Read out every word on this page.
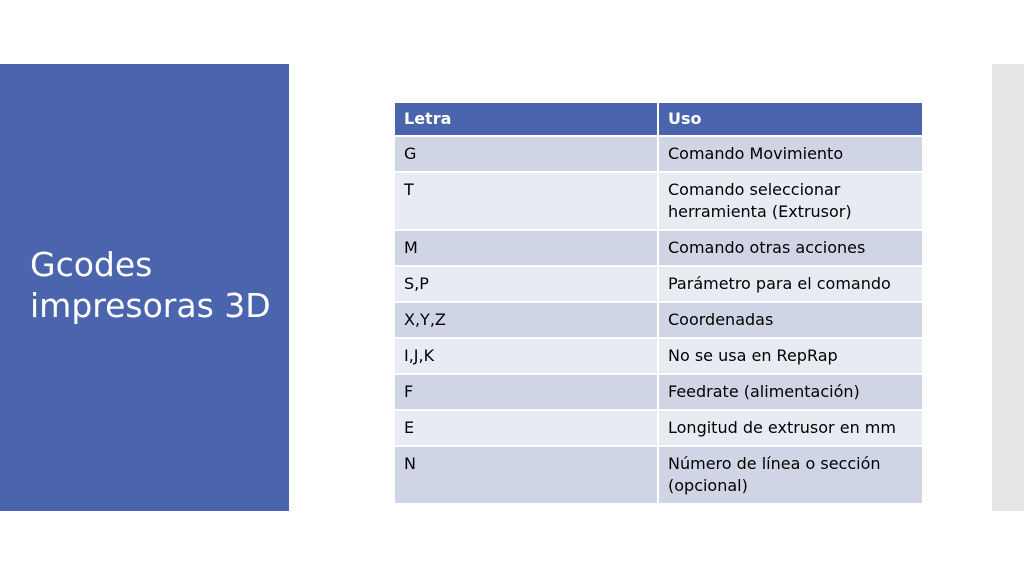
Gcodes
impresoras 3D
Letra	Uso
G	Comando Movimiento
T	Comando seleccionar herramienta (Extrusor)
M	Comando otras acciones
S,P	Parámetro para el comando
X,Y,Z	Coordenadas
I,J,K	No se usa en RepRap
F	Feedrate (alimentación)
E	Longitud de extrusor en mm
N	Número de línea o sección (opcional)
